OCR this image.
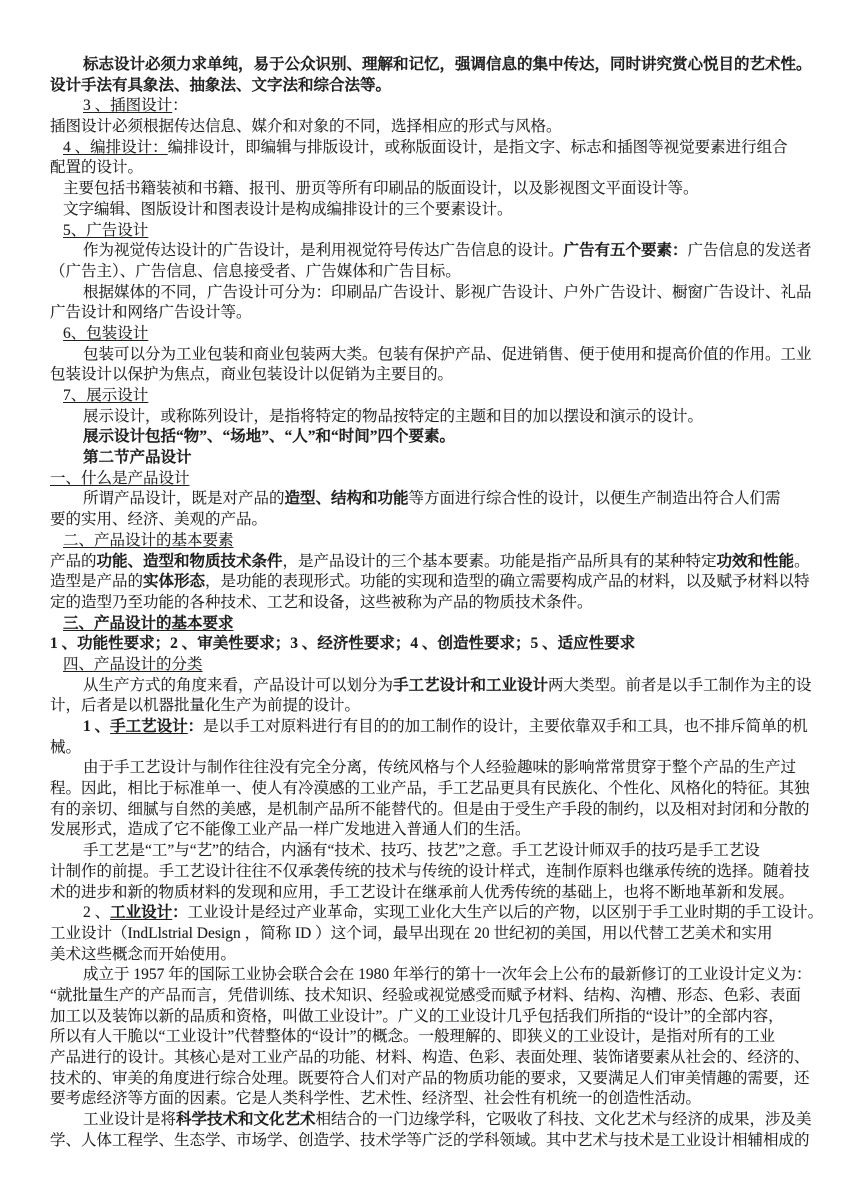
标志设计必须力求单纯，易于公众识别、理解和记忆，强调信息的集中传达，同时讲究赏心悦目的艺术性。
设计手法有具象法、抽象法、文字法和综合法等。
3 、插图设计：
插图设计必须根据传达信息、媒介和对象的不同，选择相应的形式与风格。
4 、编排设计：编排设计，即编辑与排版设计，或称版面设计，是指文字、标志和插图等视觉要素进行组合
配置的设计。
主要包括书籍装祯和书籍、报刊、册页等所有印刷品的版面设计，以及影视图文平面设计等。
文字编辑、图版设计和图表设计是构成编排设计的三个要素设计。
5、广告设计
作为视觉传达设计的广告设计，是利用视觉符号传达广告信息的设计。广告有五个要素：广告信息的发送者
（广告主）、广告信息、信息接受者、广告媒体和广告目标。
根据媒体的不同，广告设计可分为：印刷品广告设计、影视广告设计、户外广告设计、橱窗广告设计、礼品
广告设计和网络广告设计等。
6、包装设计
包装可以分为工业包装和商业包装两大类。包装有保护产品、促进销售、便于使用和提高价值的作用。工业
包装设计以保护为焦点，商业包装设计以促销为主要目的。
7、展示设计
展示设计，或称陈列设计，是指将特定的物品按特定的主题和目的加以摆设和演示的设计。
展示设计包括“物”、“场地”、“人”和“时间”四个要素。
第二节产品设计
一、什么是产品设计
所谓产品设计，既是对产品的造型、结构和功能等方面进行综合性的设计，以便生产制造出符合人们需
要的实用、经济、美观的产品。
二、产品设计的基本要素
产品的功能、造型和物质技术条件，是产品设计的三个基本要素。功能是指产品所具有的某种特定功效和性能。
造型是产品的实体形态，是功能的表现形式。功能的实现和造型的确立需要构成产品的材料，以及赋予材料以特
定的造型乃至功能的各种技术、工艺和设备，这些被称为产品的物质技术条件。
三、产品设计的基本要求
1 、功能性要求；2 、审美性要求；3 、经济性要求；4 、创造性要求；5 、适应性要求
四、产品设计的分类
从生产方式的角度来看，产品设计可以划分为手工艺设计和工业设计两大类型。前者是以手工制作为主的设
计，后者是以机器批量化生产为前提的设计。
1 、手工艺设计：是以手工对原料进行有目的的加工制作的设计，主要依靠双手和工具，也不排斥简单的机
械。
由于手工艺设计与制作往往没有完全分离，传统风格与个人经验趣味的影响常常贯穿于整个产品的生产过
程。因此，相比于标准单一、使人有冷漠感的工业产品，手工艺品更具有民族化、个性化、风格化的特征。其独
有的亲切、细腻与自然的美感，是机制产品所不能替代的。但是由于受生产手段的制约，以及相对封闭和分散的
发展形式，造成了它不能像工业产品一样广发地进入普通人们的生活。
手工艺是“工”与“艺”的结合，内涵有“技术、技巧、技艺”之意。手工艺设计师双手的技巧是手工艺设
计制作的前提。手工艺设计往往不仅承袭传统的技术与传统的设计样式，连制作原料也继承传统的选择。随着技
术的进步和新的物质材料的发现和应用，手工艺设计在继承前人优秀传统的基础上，也将不断地革新和发展。
2 、工业设计：工业设计是经过产业革命，实现工业化大生产以后的产物，以区别于手工业时期的手工设计。
工业设计（IndLlstrial Design ，简称 ID ）这个词，最早出现在 20 世纪初的美国，用以代替工艺美术和实用
美术这些概念而开始使用。
成立于 1957 年的国际工业协会联合会在 1980 年举行的第十一次年会上公布的最新修订的工业设计定义为：
“就批量生产的产品而言，凭借训练、技术知识、经验或视觉感受而赋予材料、结构、沟槽、形态、色彩、表面
加工以及装饰以新的品质和资格，叫做工业设计”。广义的工业设计几乎包括我们所指的“设计”的全部内容，
所以有人干脆以“工业设计”代替整体的“设计”的概念。一般理解的、即狭义的工业设计，是指对所有的工业
产品进行的设计。其核心是对工业产品的功能、材料、构造、色彩、表面处理、装饰诸要素从社会的、经济的、
技术的、审美的角度进行综合处理。既要符合人们对产品的物质功能的要求，又要满足人们审美情趣的需要，还
要考虑经济等方面的因素。它是人类科学性、艺术性、经济型、社会性有机统一的创造性活动。
工业设计是将科学技术和文化艺术相结合的一门边缘学科，它吸收了科技、文化艺术与经济的成果，涉及美
学、人体工程学、生态学、市场学、创造学、技术学等广泛的学科领域。其中艺术与技术是工业设计相辅相成的
